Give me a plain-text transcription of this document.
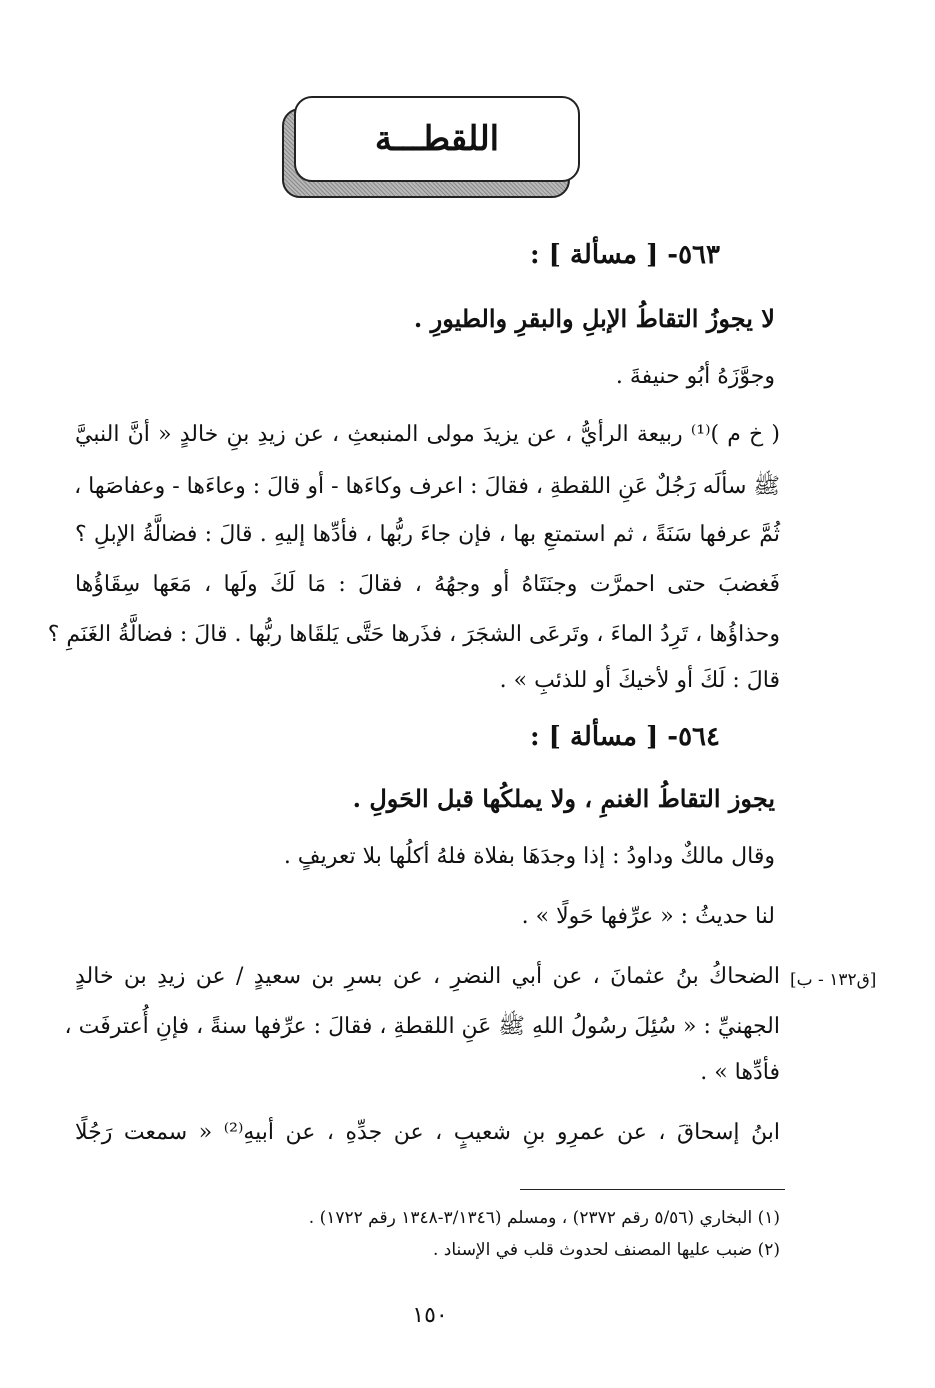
اللقطـــة
٥٦٣- [ مسألة ] :
لا يجوزُ التقاطُ الإبلِ والبقرِ والطيورِ .
وجوَّزَهُ أبُو حنيفةَ .
( خ م )⁽¹⁾ ربيعة الرأيُّ ، عن يزيدَ مولى المنبعثِ ، عن زيدِ بنِ خالدٍ « أنَّ النبيَّ
ﷺ سألَه رَجُلٌ عَنِ اللقطةِ ، فقالَ : اعرف وكاءَها - أو قالَ : وعاءَها - وعفاصَها ،
ثُمَّ عرفها سَنَةً ، ثم استمتعِ بها ، فإن جاءَ ربُّها ، فأدِّها إليهِ . قالَ : فضالَّةُ الإبلِ ؟
فَغضبَ حتى احمرَّت وجنَتَاهُ أو وجهُهُ ، فقالَ : مَا لَكَ ولَها ، مَعَها سِقَاؤُها
وحذاؤُها ، تَرِدُ الماءَ ، وتَرعَى الشجَرَ ، فذَرها حَتَّى يَلقَاها ربُّها . قالَ : فضالَّةُ الغَنَمِ ؟
قالَ : لَكَ أو لأخيكَ أو للذئبِ » .
٥٦٤- [ مسألة ] :
يجوز التقاطُ الغنمِ ، ولا يملكُها قبل الحَولِ .
وقال مالكٌ وداودُ : إذا وجدَهَا بفلاة فلهُ أكلُها بلا تعريفٍ .
لنا حديثُ : « عرِّفها حَولًا » .
[ق١٣٢ - ب]
الضحاكُ بنُ عثمانَ ، عن أبي النضرِ ، عن بسرِ بن سعيدٍ / عن زيدِ بن خالدٍ
الجهنيِّ : « سُئِلَ رسُولُ اللهِ ﷺ عَنِ اللقطةِ ، فقالَ : عرِّفها سنةً ، فإنِ أُعترفَت ،
فأدِّها » .
ابنُ إسحاقَ ، عن عمرِو بنِ شعيبٍ ، عن جدِّهِ ، عن أبيهِ⁽²⁾ « سمعت رَجُلًا
(١) البخاري (٥/٥٦ رقم ٢٣٧٢) ، ومسلم (٣/١٣٤٦-١٣٤٨ رقم ١٧٢٢) .
(٢) ضبب عليها المصنف لحدوث قلب في الإسناد .
١٥٠
